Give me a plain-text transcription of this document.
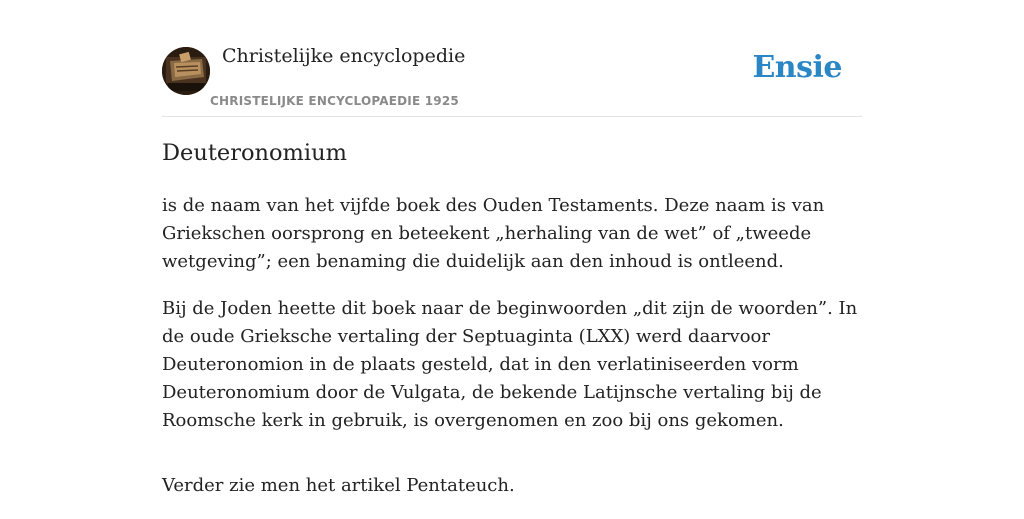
Christelijke encyclopedie
CHRISTELIJKE ENCYCLOPAEDIE 1925
Ensie
Deuteronomium

is de naam van het vijfde boek des Ouden Testaments. Deze naam is van Griekschen oorsprong en beteekent „herhaling van de wet” of „tweede wetgeving”; een benaming die duidelijk aan den inhoud is ontleend.

Bij de Joden heette dit boek naar de beginwoorden „dit zijn de woorden”. In de oude Grieksche vertaling der Septuaginta (LXX) werd daarvoor Deuteronomion in de plaats gesteld, dat in den verlatiniseerden vorm Deuteronomium door de Vulgata, de bekende Latijnsche vertaling bij de Roomsche kerk in gebruik, is overgenomen en zoo bij ons gekomen.

Verder zie men het artikel Pentateuch.
